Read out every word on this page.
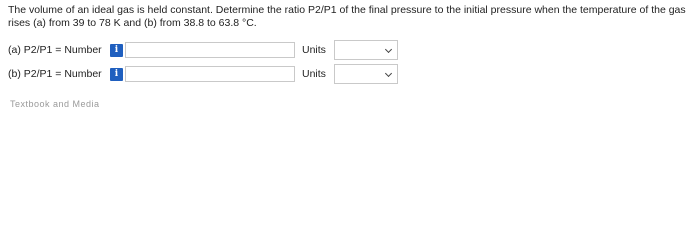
The volume of an ideal gas is held constant. Determine the ratio P2/P1 of the final pressure to the initial pressure when the temperature of the gas rises (a) from 39 to 78 K and (b) from 38.8 to 63.8 °C.
(a) P2/P1 = Number	i	Units
(b) P2/P1 = Number	i	Units
Textbook and Media
